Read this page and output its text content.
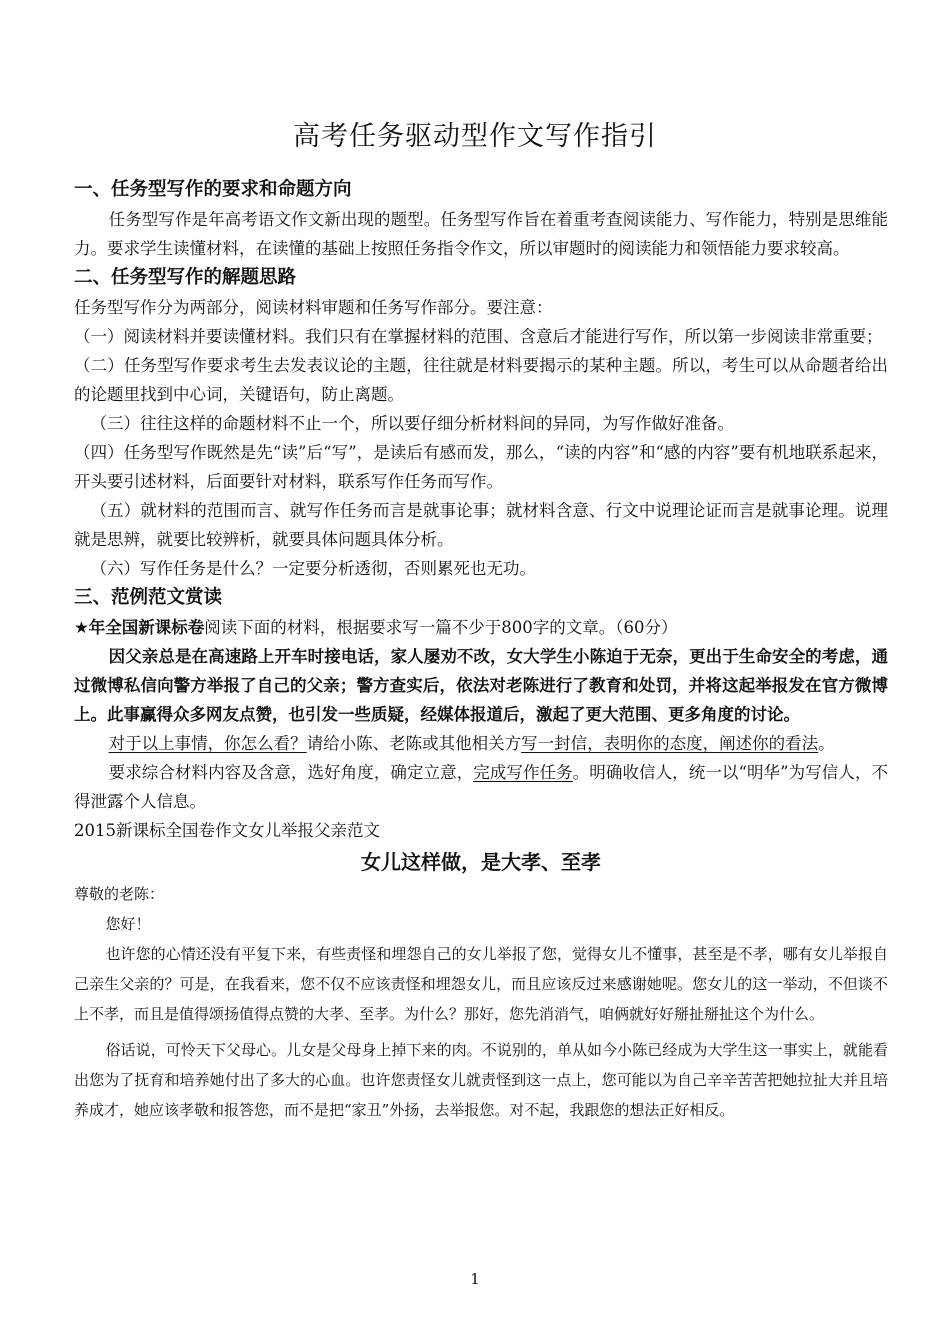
高考任务驱动型作文写作指引

一、任务型写作的要求和命题方向

任务型写作是年高考语文作文新出现的题型。任务型写作旨在着重考查阅读能力、写作能力，特别是思维能力。要求学生读懂材料，在读懂的基础上按照任务指令作文，所以审题时的阅读能力和领悟能力要求较高。

二、任务型写作的解题思路

任务型写作分为两部分，阅读材料审题和任务写作部分。要注意：

（一）阅读材料并要读懂材料。我们只有在掌握材料的范围、含意后才能进行写作，所以第一步阅读非常重要；

（二）任务型写作要求考生去发表议论的主题，往往就是材料要揭示的某种主题。所以，考生可以从命题者给出的论题里找到中心词，关键语句，防止离题。

（三）往往这样的命题材料不止一个，所以要仔细分析材料间的异同，为写作做好准备。

（四）任务型写作既然是先“读”后“写”，是读后有感而发，那么，“读的内容”和“感的内容”要有机地联系起来，开头要引述材料，后面要针对材料，联系写作任务而写作。

（五）就材料的范围而言、就写作任务而言是就事论事；就材料含意、行文中说理论证而言是就事论理。说理就是思辨，就要比较辨析，就要具体问题具体分析。

（六）写作任务是什么？一定要分析透彻，否则累死也无功。

三、范例范文赏读

★年全国新课标卷阅读下面的材料，根据要求写一篇不少于800字的文章。（60分）

因父亲总是在高速路上开车时接电话，家人屡劝不改，女大学生小陈迫于无奈，更出于生命安全的考虑，通过微博私信向警方举报了自己的父亲；警方查实后，依法对老陈进行了教育和处罚，并将这起举报发在官方微博上。此事赢得众多网友点赞，也引发一些质疑，经媒体报道后，激起了更大范围、更多角度的讨论。

对于以上事情，你怎么看？请给小陈、老陈或其他相关方写一封信，表明你的态度，阐述你的看法。

要求综合材料内容及含意，选好角度，确定立意，完成写作任务。明确收信人，统一以“明华”为写信人，不得泄露个人信息。

2015新课标全国卷作文女儿举报父亲范文

女儿这样做，是大孝、至孝

尊敬的老陈：

您好！

也许您的心情还没有平复下来，有些责怪和埋怨自己的女儿举报了您，觉得女儿不懂事，甚至是不孝，哪有女儿举报自己亲生父亲的？可是，在我看来，您不仅不应该责怪和埋怨女儿，而且应该反过来感谢她呢。您女儿的这一举动，不但谈不上不孝，而且是值得颂扬值得点赞的大孝、至孝。为什么？那好，您先消消气，咱俩就好好掰扯掰扯这个为什么。

俗话说，可怜天下父母心。儿女是父母身上掉下来的肉。不说别的，单从如今小陈已经成为大学生这一事实上，就能看出您为了抚育和培养她付出了多大的心血。也许您责怪女儿就责怪到这一点上，您可能以为自己辛辛苦苦把她拉扯大并且培养成才，她应该孝敬和报答您，而不是把“家丑”外扬，去举报您。对不起，我跟您的想法正好相反。

1
